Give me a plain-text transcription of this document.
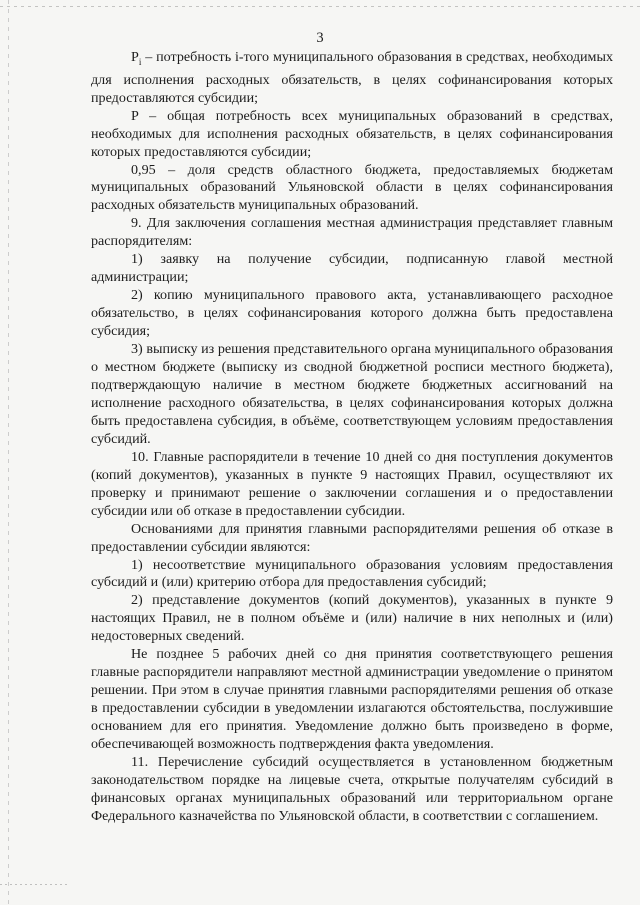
3

$P_i$ – потребность i-того муниципального образования в средствах, необходимых для исполнения расходных обязательств, в целях софинансирования которых предоставляются субсидии;

P – общая потребность всех муниципальных образований в средствах, необходимых для исполнения расходных обязательств, в целях софинансирования которых предоставляются субсидии;

0,95 – доля средств областного бюджета, предоставляемых бюджетам муниципальных образований Ульяновской области в целях софинансирования расходных обязательств муниципальных образований.

9. Для заключения соглашения местная администрация представляет главным распорядителям:

1) заявку на получение субсидии, подписанную главой местной администрации;

2) копию муниципального правового акта, устанавливающего расходное обязательство, в целях софинансирования которого должна быть предоставлена субсидия;

3) выписку из решения представительного органа муниципального образования о местном бюджете (выписку из сводной бюджетной росписи местного бюджета), подтверждающую наличие в местном бюджете бюджетных ассигнований на исполнение расходного обязательства, в целях софинансирования которых должна быть предоставлена субсидия, в объёме, соответствующем условиям предоставления субсидий.

10. Главные распорядители в течение 10 дней со дня поступления документов (копий документов), указанных в пункте 9 настоящих Правил, осуществляют их проверку и принимают решение о заключении соглашения и о предоставлении субсидии или об отказе в предоставлении субсидии.

Основаниями для принятия главными распорядителями решения об отказе в предоставлении субсидии являются:

1) несоответствие муниципального образования условиям предоставления субсидий и (или) критерию отбора для предоставления субсидий;

2) представление документов (копий документов), указанных в пункте 9 настоящих Правил, не в полном объёме и (или) наличие в них неполных и (или) недостоверных сведений.

Не позднее 5 рабочих дней со дня принятия соответствующего решения главные распорядители направляют местной администрации уведомление о принятом решении. При этом в случае принятия главными распорядителями решения об отказе в предоставлении субсидии в уведомлении излагаются обстоятельства, послужившие основанием для его принятия. Уведомление должно быть произведено в форме, обеспечивающей возможность подтверждения факта уведомления.

11. Перечисление субсидий осуществляется в установленном бюджетным законодательством порядке на лицевые счета, открытые получателям субсидий в финансовых органах муниципальных образований или территориальном органе Федерального казначейства по Ульяновской области, в соответствии с соглашением.
